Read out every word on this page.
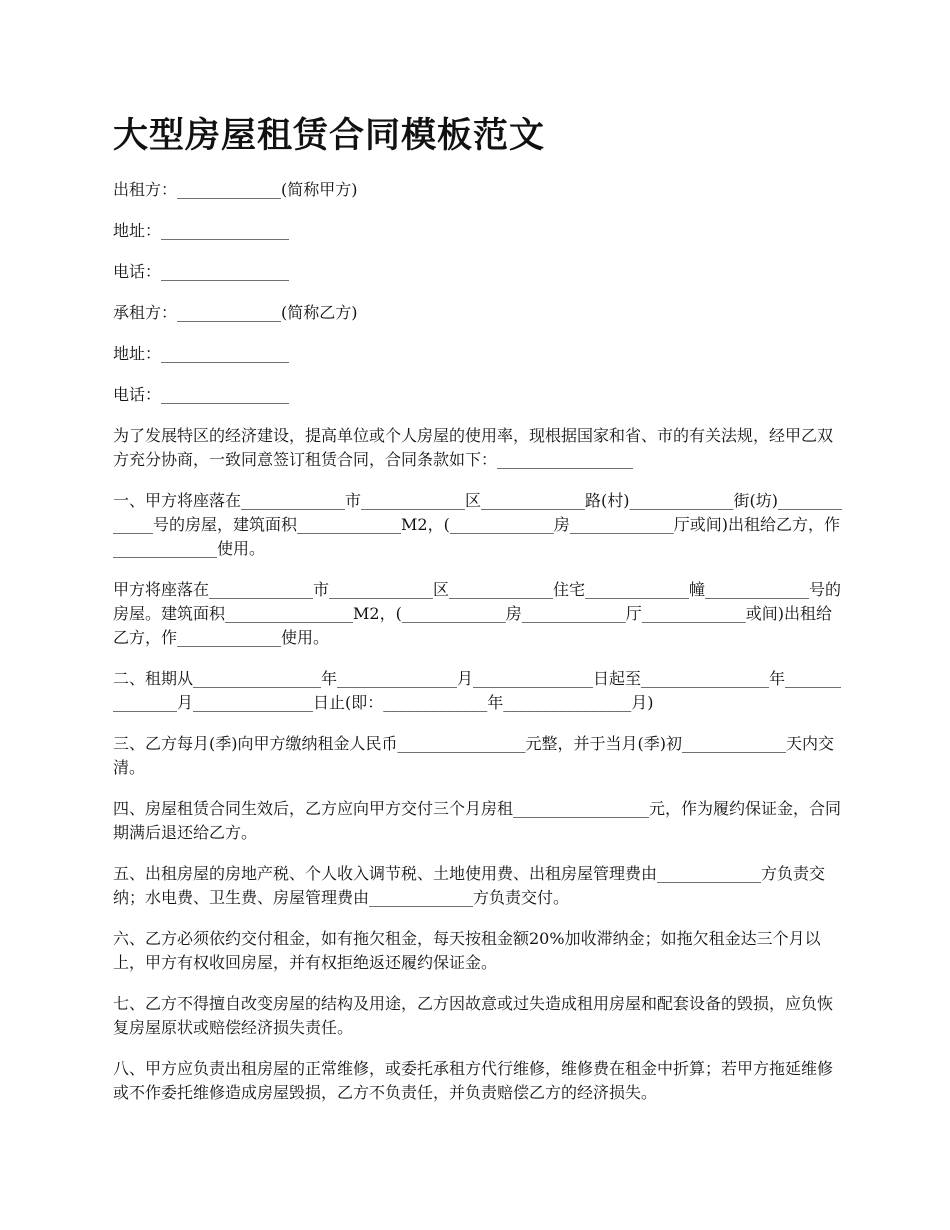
大型房屋租赁合同模板范文

出租方：_____________(简称甲方)

地址：________________

电话：________________

承租方：_____________(简称乙方)

地址：________________

电话：________________

为了发展特区的经济建设，提高单位或个人房屋的使用率，现根据国家和省、市的有关法规，经甲乙双方充分协商，一致同意签订租赁合同，合同条款如下：_________________

一、甲方将座落在_____________市_____________区_____________路(村)_____________街(坊)_____________号的房屋，建筑面积_____________M2，(_____________房_____________厅或间)出租给乙方，作_____________使用。

甲方将座落在_____________市_____________区_____________住宅_____________幢_____________号的房屋。建筑面积________________M2，(_____________房_____________厅_____________或间)出租给乙方，作_____________使用。

二、租期从________________年_______________月_______________日起至________________年_______________月_______________日止(即：_____________年________________月)

三、乙方每月(季)向甲方缴纳租金人民币________________元整，并于当月(季)初_____________天内交清。

四、房屋租赁合同生效后，乙方应向甲方交付三个月房租_________________元，作为履约保证金，合同期满后退还给乙方。

五、出租房屋的房地产税、个人收入调节税、土地使用费、出租房屋管理费由_____________方负责交纳；水电费、卫生费、房屋管理费由_____________方负责交付。

六、乙方必须依约交付租金，如有拖欠租金，每天按租金额20%加收滞纳金；如拖欠租金达三个月以上，甲方有权收回房屋，并有权拒绝返还履约保证金。

七、乙方不得擅自改变房屋的结构及用途，乙方因故意或过失造成租用房屋和配套设备的毁损，应负恢复房屋原状或赔偿经济损失责任。

八、甲方应负责出租房屋的正常维修，或委托承租方代行维修，维修费在租金中折算；若甲方拖延维修或不作委托维修造成房屋毁损，乙方不负责任，并负责赔偿乙方的经济损失。
